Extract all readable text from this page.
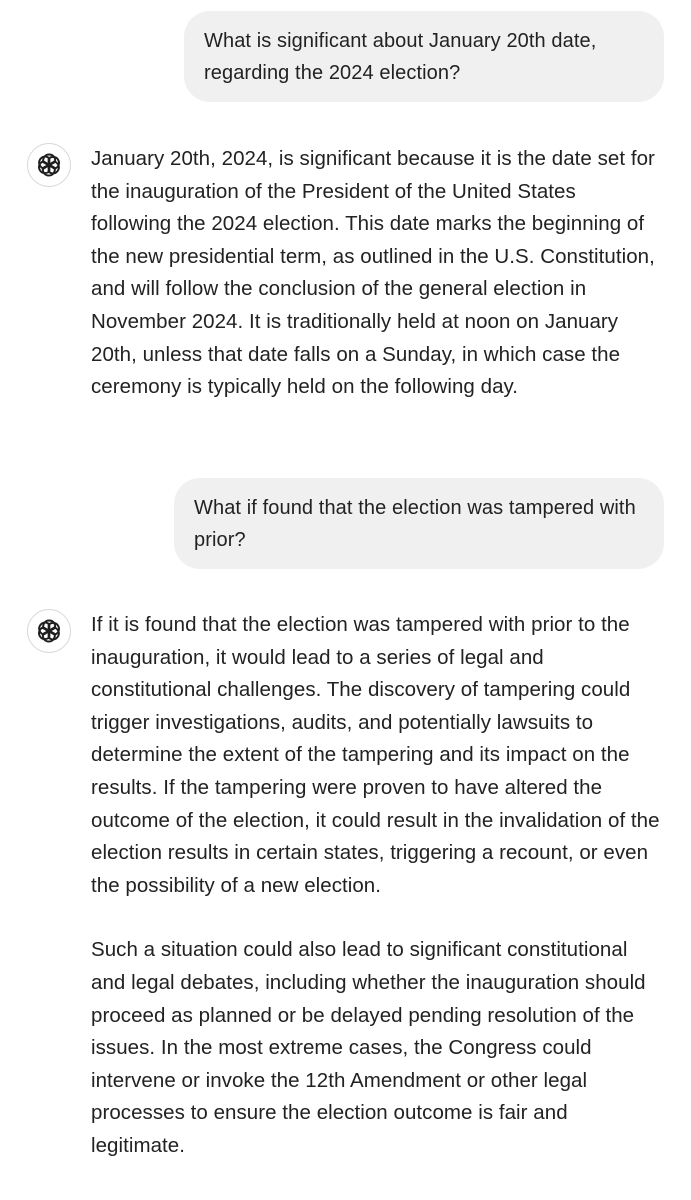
What is significant about January 20th date, regarding the 2024 election?

January 20th, 2024, is significant because it is the date set for the inauguration of the President of the United States following the 2024 election. This date marks the beginning of the new presidential term, as outlined in the U.S. Constitution, and will follow the conclusion of the general election in November 2024. It is traditionally held at noon on January 20th, unless that date falls on a Sunday, in which case the ceremony is typically held on the following day.

What if found that the election was tampered with prior?

If it is found that the election was tampered with prior to the inauguration, it would lead to a series of legal and constitutional challenges. The discovery of tampering could trigger investigations, audits, and potentially lawsuits to determine the extent of the tampering and its impact on the results. If the tampering were proven to have altered the outcome of the election, it could result in the invalidation of the election results in certain states, triggering a recount, or even the possibility of a new election.

Such a situation could also lead to significant constitutional and legal debates, including whether the inauguration should proceed as planned or be delayed pending resolution of the issues. In the most extreme cases, the Congress could intervene or invoke the 12th Amendment or other legal processes to ensure the election outcome is fair and legitimate.
